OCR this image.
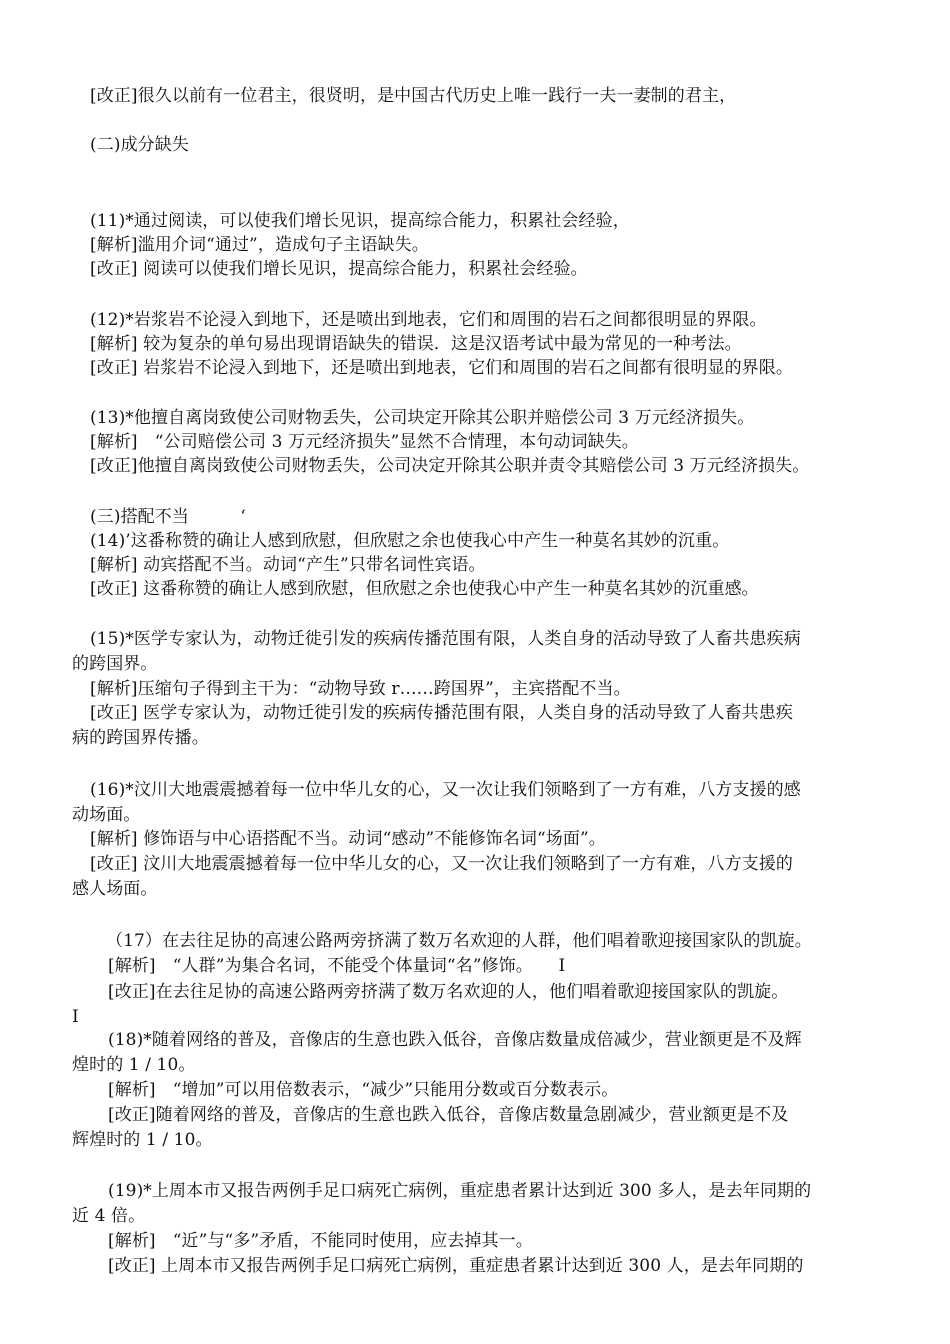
[改正]很久以前有一位君主，很贤明，是中国古代历史上唯一践行一夫一妻制的君主，

(二)成分缺失

(11)*通过阅读，可以使我们增长见识，提高综合能力，积累社会经验，

[解析]滥用介词“通过”，造成句子主语缺失。

[改正] 阅读可以使我们增长见识，提高综合能力，积累社会经验。

(12)*岩浆岩不论浸入到地下，还是喷出到地表，它们和周围的岩石之间都很明显的界限。

[解析] 较为复杂的单句易出现谓语缺失的错误．这是汉语考试中最为常见的一种考法。

[改正] 岩浆岩不论浸入到地下，还是喷出到地表，它们和周围的岩石之间都有很明显的界限。

(13)*他擅自离岗致使公司财物丢失，公司块定开除其公职并赔偿公司 3 万元经济损失。

[解析]　“公司赔偿公司 3 万元经济损失”显然不合情理，本句动词缺失。

[改正]他擅自离岗致使公司财物丢失，公司决定开除其公职并责令其赔偿公司 3 万元经济损失。

(三)搭配不当　　　‘

(14)’这番称赞的确让人感到欣慰，但欣慰之余也使我心中产生一种莫名其妙的沉重。

[解析] 动宾搭配不当。动词“产生”只带名词性宾语。

[改正] 这番称赞的确让人感到欣慰，但欣慰之余也使我心中产生一种莫名其妙的沉重感。

(15)*医学专家认为，动物迁徙引发的疾病传播范围有限，人类自身的活动导致了人畜共患疾病

的跨国界。

[解析]压缩句子得到主干为：“动物导致 r……跨国界”，主宾搭配不当。

[改正] 医学专家认为，动物迁徙引发的疾病传播范围有限，人类自身的活动导致了人畜共患疾

病的跨国界传播。

(16)*汶川大地震震撼着每一位中华儿女的心，又一次让我们领略到了一方有难，八方支援的感

动场面。

[解析] 修饰语与中心语搭配不当。动词“感动”不能修饰名词“场面”。

[改正] 汶川大地震震撼着每一位中华儿女的心，又一次让我们领略到了一方有难，八方支援的

感人场面。

（17）在去往足协的高速公路两旁挤满了数万名欢迎的人群，他们唱着歌迎接国家队的凯旋。

[解析]　“人群”为集合名词，不能受个体量词“名”修饰。　　I

[改正]在去往足协的高速公路两旁挤满了数万名欢迎的人，他们唱着歌迎接国家队的凯旋。

I

(18)*随着网络的普及，音像店的生意也跌入低谷，音像店数量成倍减少，营业额更是不及辉

煌时的 1 / 10。

[解析]　“增加”可以用倍数表示，“减少”只能用分数或百分数表示。

[改正]随着网络的普及，音像店的生意也跌入低谷，音像店数量急剧减少，营业额更是不及

辉煌时的 1 / 10。

(19)*上周本市又报告两例手足口病死亡病例，重症患者累计达到近 300 多人，是去年同期的

近 4 倍。

[解析]　“近”与“多”矛盾，不能同时使用，应去掉其一。

[改正] 上周本市又报告两例手足口病死亡病例，重症患者累计达到近 300 人，是去年同期的
